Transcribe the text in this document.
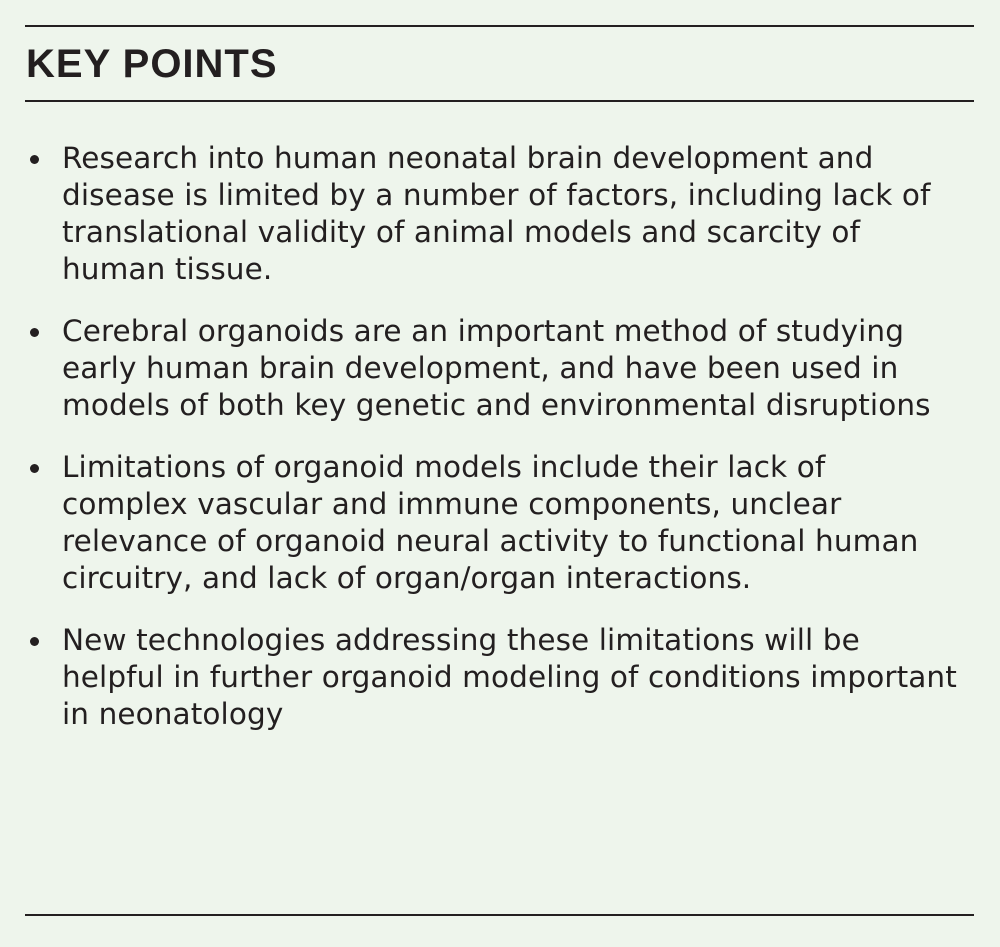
KEY POINTS
Research into human neonatal brain development and disease is limited by a number of factors, including lack of translational validity of animal models and scarcity of human tissue.
Cerebral organoids are an important method of studying early human brain development, and have been used in models of both key genetic and environmental disruptions
Limitations of organoid models include their lack of complex vascular and immune components, unclear relevance of organoid neural activity to functional human circuitry, and lack of organ/organ interactions.
New technologies addressing these limitations will be helpful in further organoid modeling of conditions important in neonatology
